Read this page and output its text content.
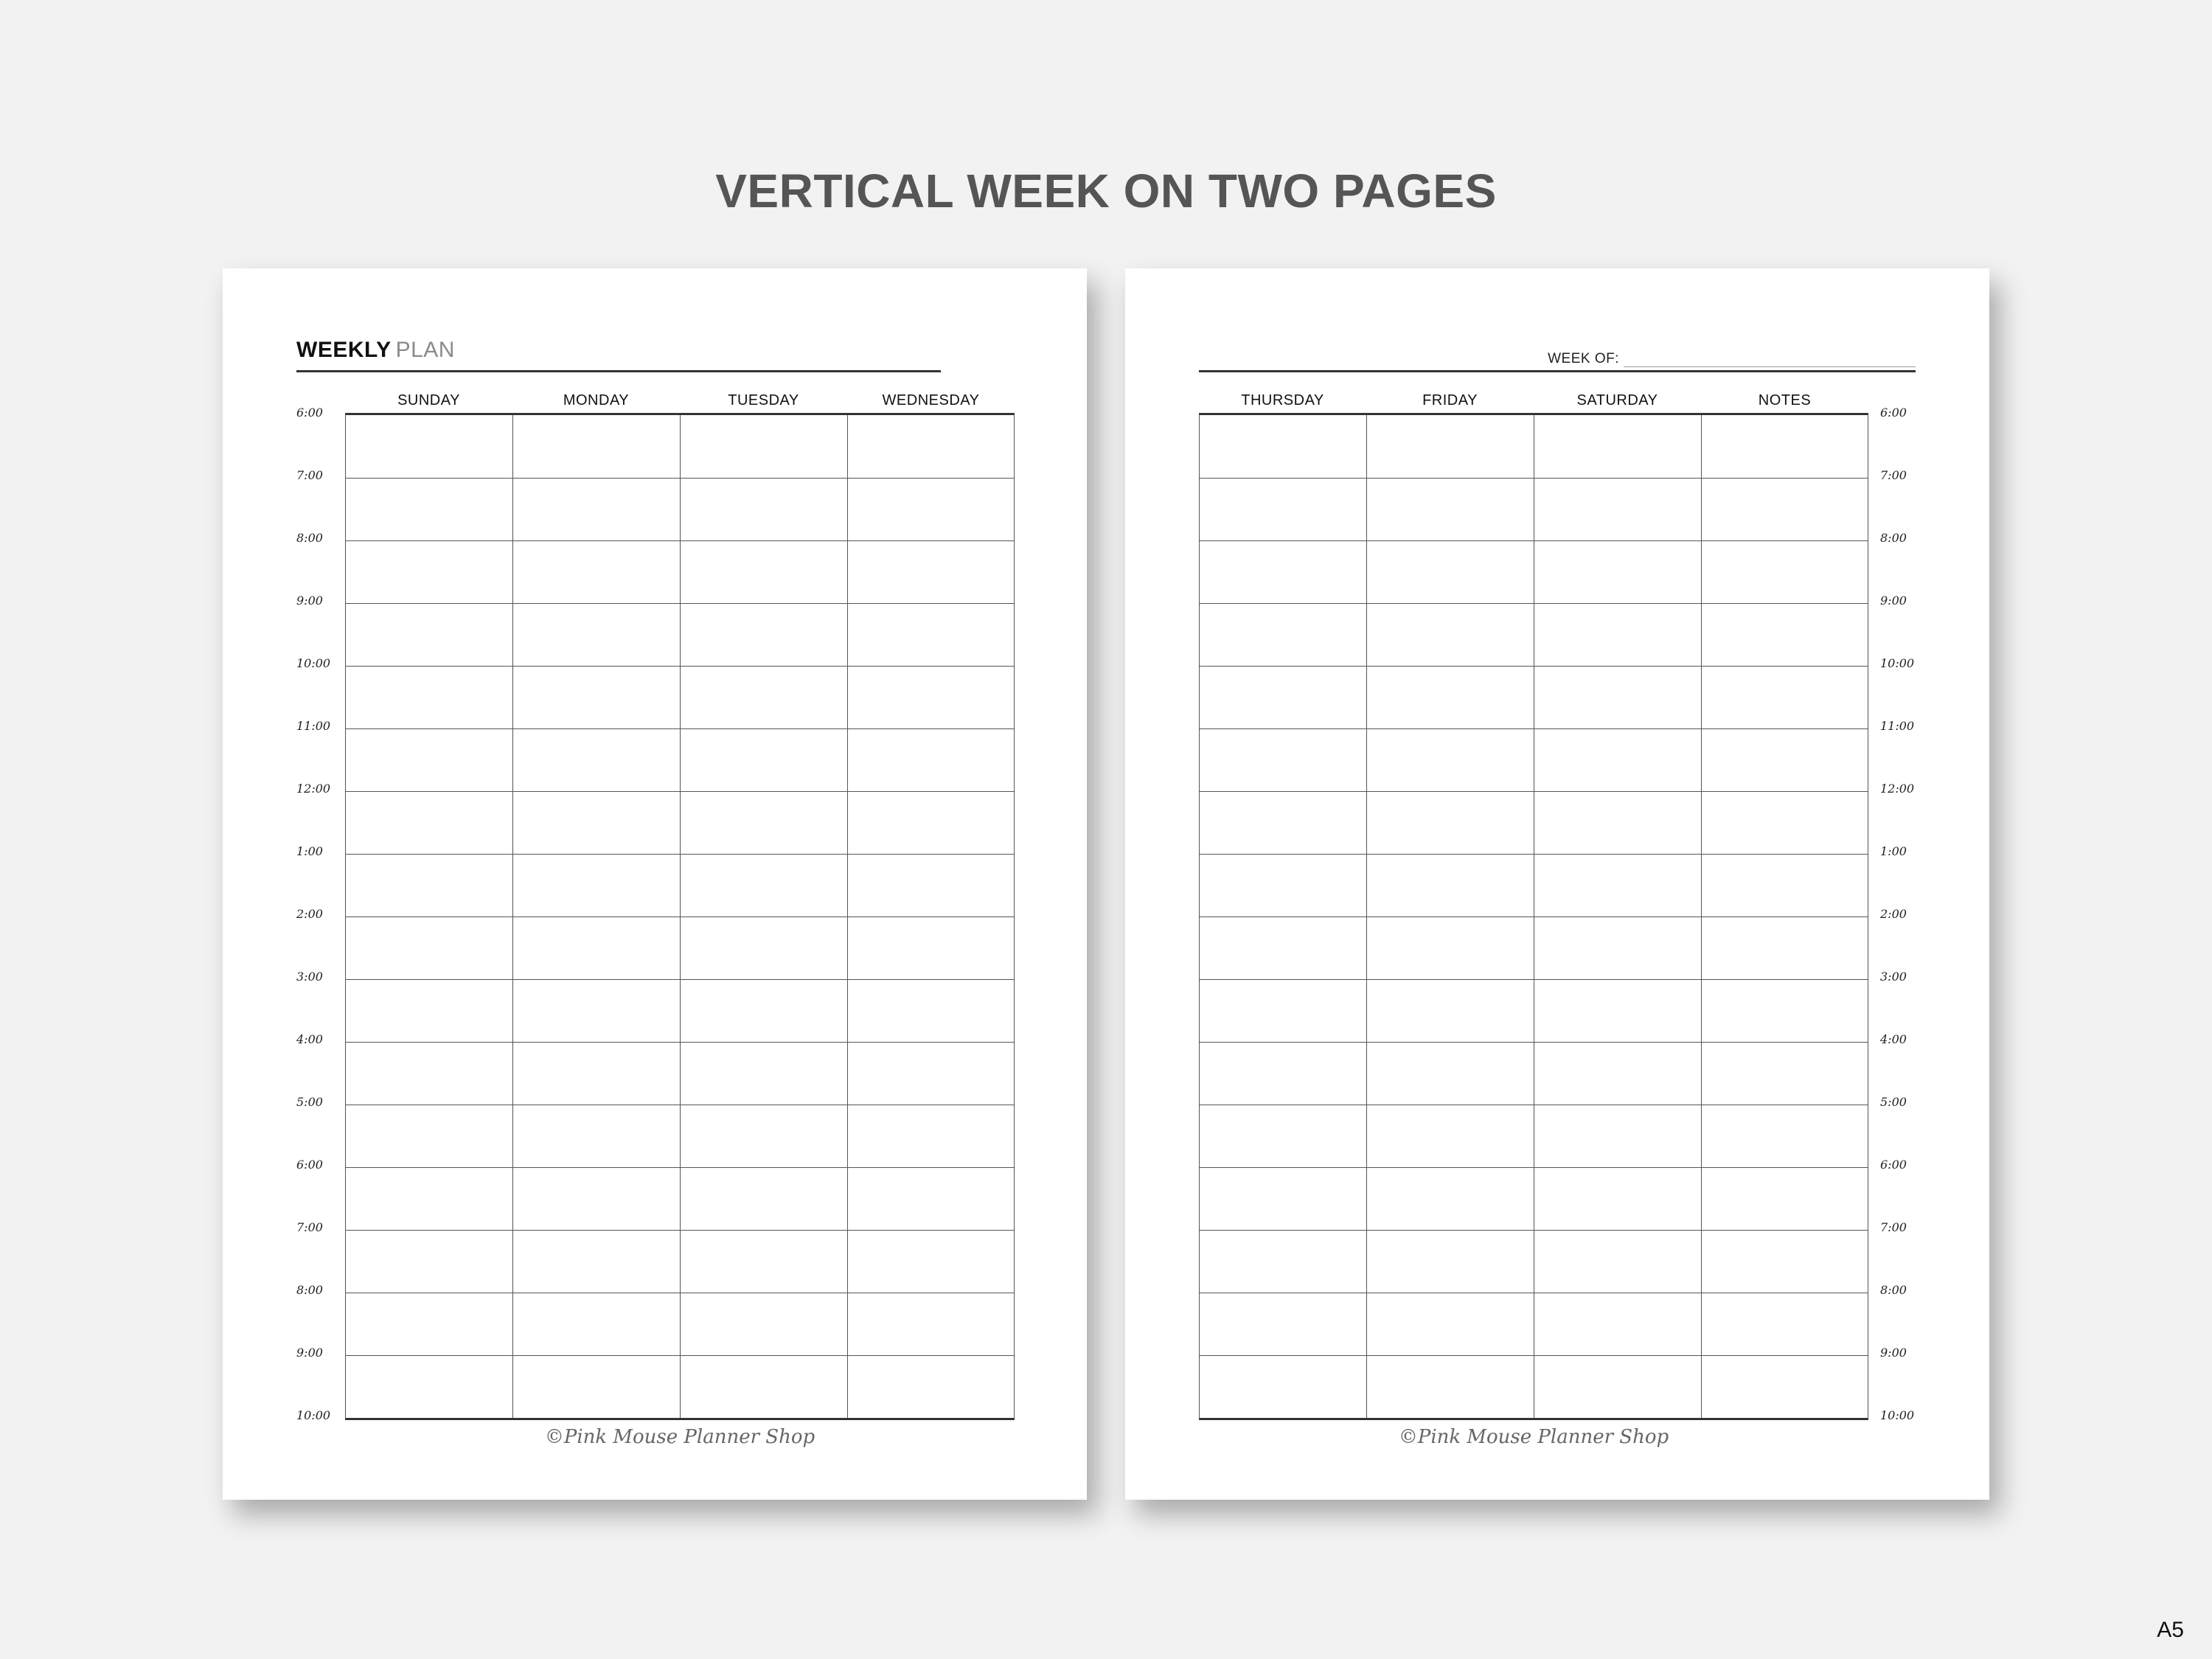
VERTICAL WEEK ON TWO PAGES
WEEKLY PLAN
SUNDAY	MONDAY	TUESDAY	WEDNESDAY
6:00
7:00
8:00
9:00
10:00
11:00
12:00
1:00
2:00
3:00
4:00
5:00
6:00
7:00
8:00
9:00
10:00
©Pink Mouse Planner Shop
WEEK OF:
THURSDAY	FRIDAY	SATURDAY	NOTES
6:00
7:00
8:00
9:00
10:00
11:00
12:00
1:00
2:00
3:00
4:00
5:00
6:00
7:00
8:00
9:00
10:00
©Pink Mouse Planner Shop
A5
